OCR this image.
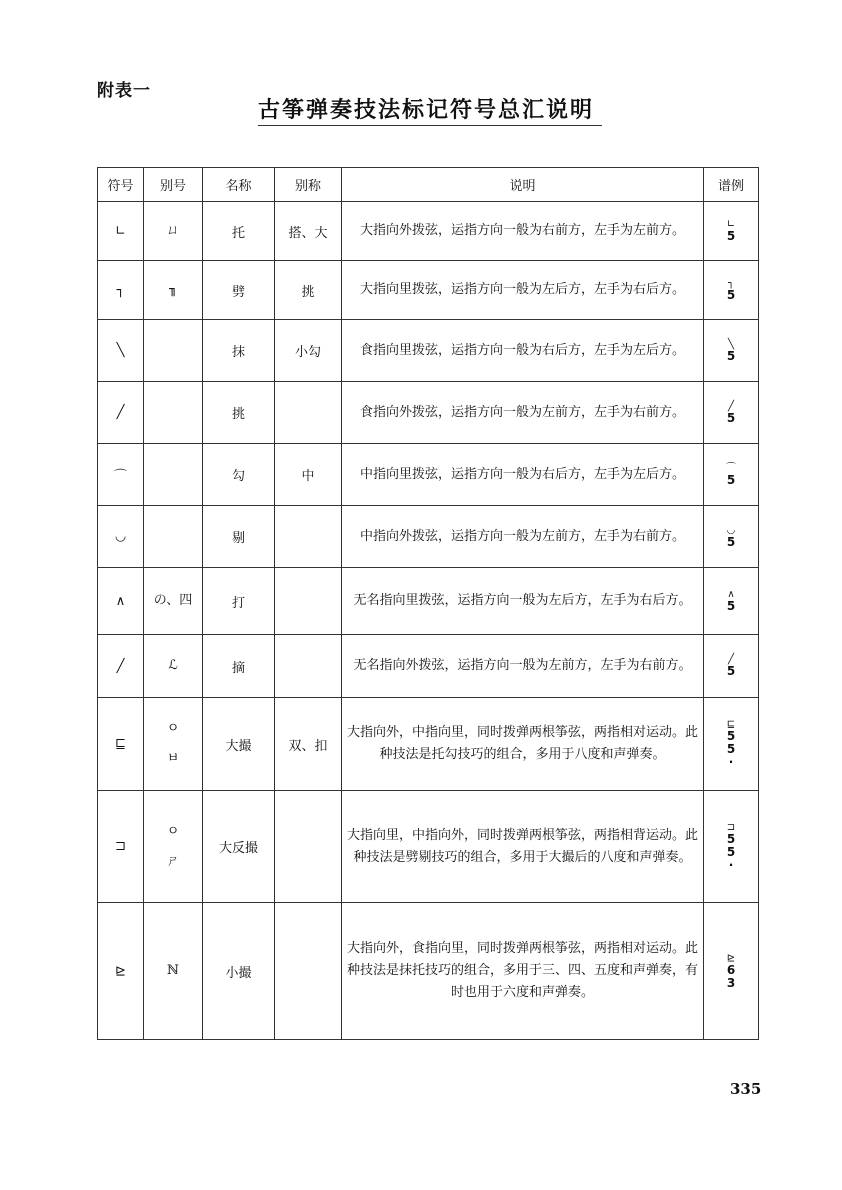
附表一
古筝弹奏技法标记符号总汇说明
符号	别号	名称	别称	说明	谱例
∟	ㄩ	托	搭、大	大指向外拨弦，运指方向一般为右前方，左手为左前方。	∟
5

┐	╖	劈	挑	大指向里拨弦，运指方向一般为左后方，左手为右后方。	┐
5

╲		抹	小勾	食指向里拨弦，运指方向一般为右后方，左手为左后方。	╲
5

╱		挑		食指向外拨弦，运指方向一般为左前方，左手为右前方。	╱
5

⌒		勾	中	中指向里拨弦，运指方向一般为右后方，左手为左后方。	⌒
5

◡		剔		中指向外拨弦，运指方向一般为左前方，左手为右前方。	◡
5

∧	の、四	打		无名指向里拨弦，运指方向一般为左后方，左手为右后方。	∧
5

╱	ℒ	摘		无名指向外拨弦，运指方向一般为左前方，左手为右前方。	╱
5

⊑	ㅇ
ㅂ	大撮	双、扣	大指向外，中指向里，同时拨弹两根筝弦，两指相对运动。此种技法是托勾技巧的组合，多用于八度和声弹奏。	⊑
5
5
·

⊐	ㅇ
ㄕ	大反撮		大指向里，中指向外，同时拨弹两根筝弦，两指相背运动。此种技法是劈剔技巧的组合，多用于大撮后的八度和声弹奏。	⊐
5
5
·

⊵	ℕ	小撮		大指向外，食指向里，同时拨弹两根筝弦，两指相对运动。此种技法是抹托技巧的组合，多用于三、四、五度和声弹奏，有时也用于六度和声弹奏。	⊵
6
3
335
